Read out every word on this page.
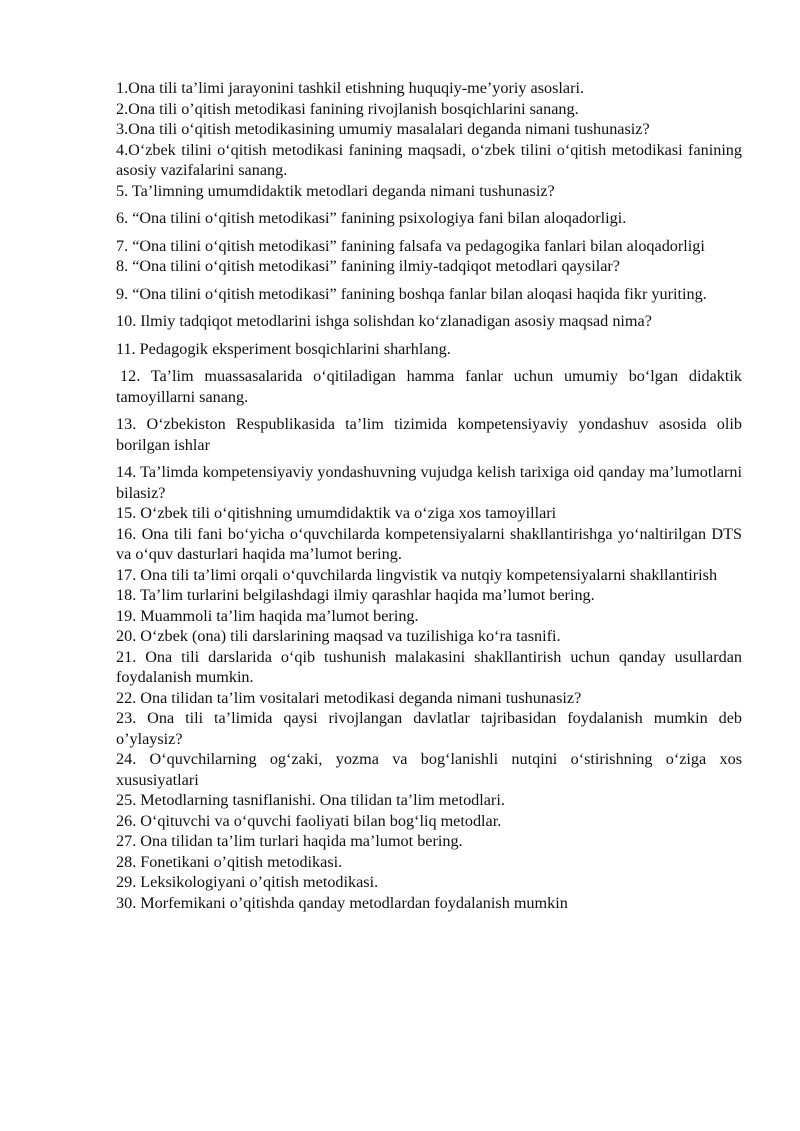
1.Ona tili ta’limi jarayonini tashkil etishning huquqiy-me’yoriy asoslari.

2.Ona tili o’qitish metodikasi fanining rivojlanish bosqichlarini sanang.

3.Ona tili o‘qitish metodikasining umumiy masalalari deganda nimani tushunasiz?

4.O‘zbek tilini o‘qitish metodikasi fanining maqsadi, o‘zbek tilini o‘qitish metodikasi fanining asosiy vazifalarini sanang.

5. Ta’limning umumdidaktik metodlari deganda nimani tushunasiz?

6. “Ona tilini o‘qitish metodikasi” fanining psixologiya fani bilan aloqadorligi.

7. “Ona tilini o‘qitish metodikasi” fanining falsafa va pedagogika fanlari bilan aloqadorligi

8. “Ona tilini o‘qitish metodikasi” fanining ilmiy-tadqiqot metodlari qaysilar?

9. “Ona tilini o‘qitish metodikasi” fanining boshqa fanlar bilan aloqasi haqida fikr yuriting.

10. Ilmiy tadqiqot metodlarini ishga solishdan ko‘zlanadigan asosiy maqsad nima?

11. Pedagogik eksperiment bosqichlarini sharhlang.

12. Ta’lim muassasalarida o‘qitiladigan hamma fanlar uchun umumiy bo‘lgan didaktik tamoyillarni sanang.

13. O‘zbekiston Respublikasida ta’lim tizimida kompetensiyaviy yondashuv asosida olib borilgan ishlar

14. Ta’limda kompetensiyaviy yondashuvning vujudga kelish tarixiga oid qanday ma’lumotlarni bilasiz?

15. O‘zbek tili o‘qitishning umumdidaktik va o‘ziga xos tamoyillari

16. Ona tili fani bo‘yicha o‘quvchilarda kompetensiyalarni shakllantirishga yo‘naltirilgan DTS va o‘quv dasturlari haqida ma’lumot bering.

17. Ona tili ta’limi orqali o‘quvchilarda lingvistik va nutqiy kompetensiyalarni shakllantirish

18. Ta’lim turlarini belgilashdagi ilmiy qarashlar haqida ma’lumot bering.

19. Muammoli ta’lim haqida ma’lumot bering.

20. O‘zbek (ona) tili darslarining maqsad va tuzilishiga ko‘ra tasnifi.

21. Ona tili darslarida o‘qib tushunish malakasini shakllantirish uchun qanday usullardan foydalanish mumkin.

22. Ona tilidan ta’lim vositalari metodikasi deganda nimani tushunasiz?

23. Ona tili ta’limida qaysi rivojlangan davlatlar tajribasidan foydalanish mumkin deb o’ylaysiz?

24. O‘quvchilarning og‘zaki, yozma va bog‘lanishli nutqini o‘stirishning o‘ziga xos xususiyatlari

25. Metodlarning tasniflanishi. Ona tilidan ta’lim metodlari.

26. O‘qituvchi va o‘quvchi faoliyati bilan bog‘liq metodlar.

27. Ona tilidan ta’lim turlari haqida ma’lumot bering.

28. Fonetikani o’qitish metodikasi.

29. Leksikologiyani o’qitish metodikasi.

30. Morfemikani o’qitishda qanday metodlardan foydalanish mumkin
